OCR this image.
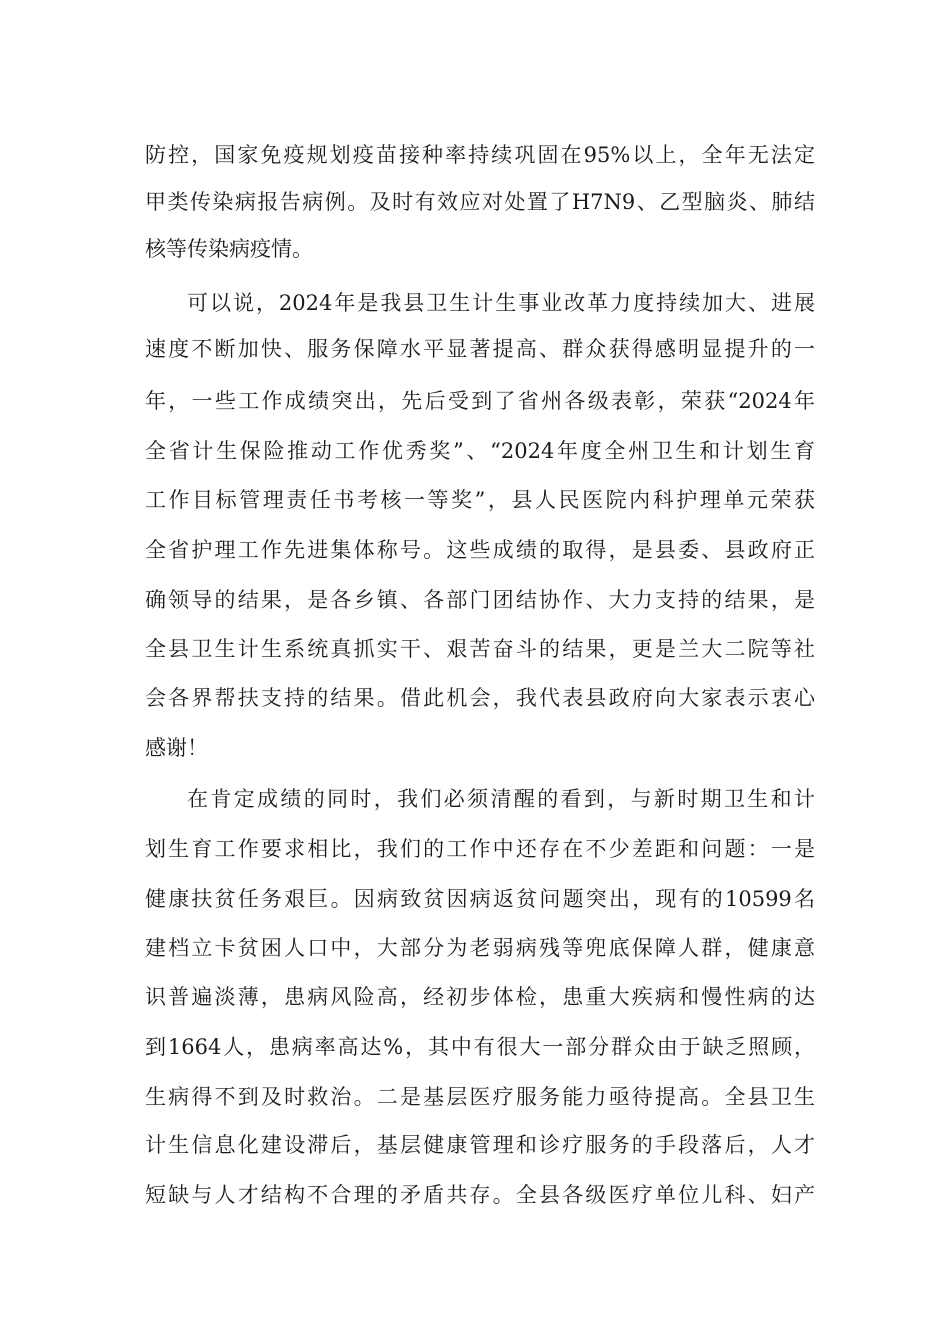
防控，国家免疫规划疫苗接种率持续巩固在95%以上，全年无法定
甲类传染病报告病例。及时有效应对处置了H7N9、乙型脑炎、肺结
核等传染病疫情。
可以说，2024年是我县卫生计生事业改革力度持续加大、进展
速度不断加快、服务保障水平显著提高、群众获得感明显提升的一
年，一些工作成绩突出，先后受到了省州各级表彰，荣获“2024年
全省计生保险推动工作优秀奖”、“2024年度全州卫生和计划生育
工作目标管理责任书考核一等奖”，县人民医院内科护理单元荣获
全省护理工作先进集体称号。这些成绩的取得，是县委、县政府正
确领导的结果，是各乡镇、各部门团结协作、大力支持的结果，是
全县卫生计生系统真抓实干、艰苦奋斗的结果，更是兰大二院等社
会各界帮扶支持的结果。借此机会，我代表县政府向大家表示衷心
感谢！
在肯定成绩的同时，我们必须清醒的看到，与新时期卫生和计
划生育工作要求相比，我们的工作中还存在不少差距和问题：一是
健康扶贫任务艰巨。因病致贫因病返贫问题突出，现有的10599名
建档立卡贫困人口中，大部分为老弱病残等兜底保障人群，健康意
识普遍淡薄，患病风险高，经初步体检，患重大疾病和慢性病的达
到1664人，患病率高达%，其中有很大一部分群众由于缺乏照顾，
生病得不到及时救治。二是基层医疗服务能力亟待提高。全县卫生
计生信息化建设滞后，基层健康管理和诊疗服务的手段落后，人才
短缺与人才结构不合理的矛盾共存。全县各级医疗单位儿科、妇产
